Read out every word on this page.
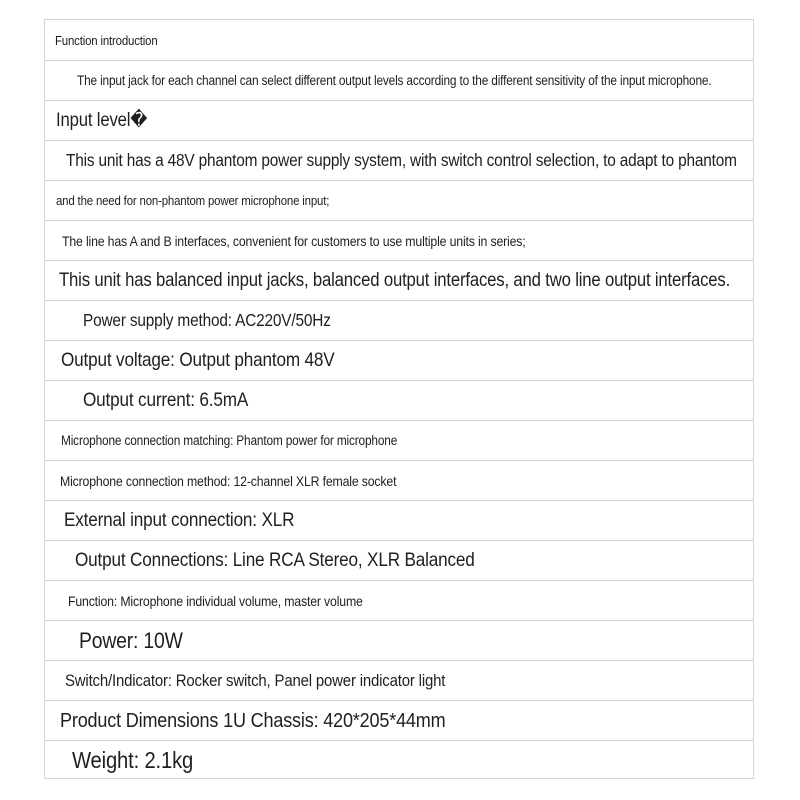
Function introduction
The input jack for each channel can select different output levels according to the different sensitivity of the input microphone.
Input level�
This unit has a 48V phantom power supply system, with switch control selection, to adapt to phantom
and the need for non-phantom power microphone input;
The line has A and B interfaces, convenient for customers to use multiple units in series;
This unit has balanced input jacks, balanced output interfaces, and two line output interfaces.
Power supply method: AC220V/50Hz
Output voltage: Output phantom 48V
Output current: 6.5mA
Microphone connection matching: Phantom power for microphone
Microphone connection method: 12-channel XLR female socket
External input connection: XLR
Output Connections: Line RCA Stereo, XLR Balanced
Function: Microphone individual volume, master volume
Power: 10W
Switch/Indicator: Rocker switch, Panel power indicator light
Product Dimensions 1U Chassis: 420*205*44mm
Weight: 2.1kg
